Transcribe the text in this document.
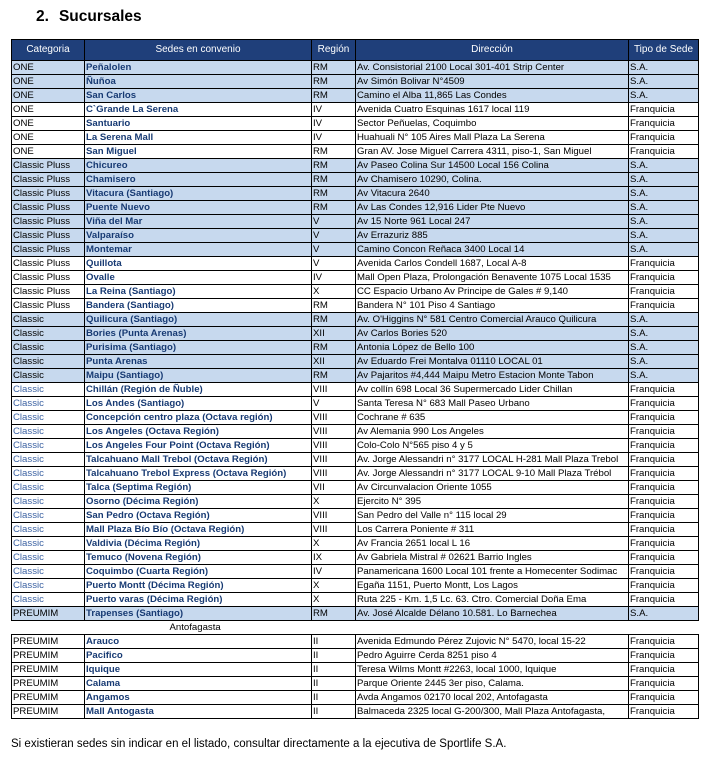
2. Sucursales
Categoria	Sedes en convenio	Región	Dirección	Tipo de Sede
ONE	Peñalolen	RM	Av. Consistorial 2100 Local 301-401 Strip Center	S.A.
ONE	Ñuñoa	RM	Av Simón Bolivar N°4509	S.A.
ONE	San Carlos	RM	Camino el Alba 11,865 Las Condes	S.A.
ONE	C`Grande La Serena	IV	Avenida Cuatro Esquinas 1617 local 119	Franquicia
ONE	Santuario	IV	Sector Peñuelas, Coquimbo	Franquicia
ONE	La Serena Mall	IV	Huahuali N° 105 Aires Mall Plaza La Serena	Franquicia
ONE	San Miguel	RM	Gran AV. Jose Miguel Carrera 4311, piso-1, San Miguel	Franquicia
Classic Pluss	Chicureo	RM	Av Paseo Colina Sur 14500 Local 156 Colina	S.A.
Classic Pluss	Chamisero	RM	Av Chamisero 10290, Colina.	S.A.
Classic Pluss	Vitacura (Santiago)	RM	Av Vitacura 2640	S.A.
Classic Pluss	Puente Nuevo	RM	Av Las Condes 12,916 Lider Pte Nuevo	S.A.
Classic Pluss	Viña del Mar	V	Av 15 Norte 961 Local 247	S.A.
Classic Pluss	Valparaíso	V	Av Errazuriz 885	S.A.
Classic Pluss	Montemar	V	Camino Concon Reñaca 3400 Local 14	S.A.
Classic Pluss	Quillota	V	Avenida Carlos Condell 1687, Local A-8	Franquicia
Classic Pluss	Ovalle	IV	Mall Open Plaza, Prolongación Benavente 1075 Local 1535	Franquicia
Classic Pluss	La Reina (Santiago)	X	CC Espacio Urbano Av Principe de Gales # 9,140	Franquicia
Classic Pluss	Bandera (Santiago)	RM	Bandera N° 101 Piso 4 Santiago	Franquicia
Classic	Quilicura (Santiago)	RM	Av. O'Higgins N° 581 Centro Comercial Arauco Quilicura	S.A.
Classic	Bories (Punta Arenas)	XII	Av Carlos Bories 520	S.A.
Classic	Purisima (Santiago)	RM	Antonia López de Bello 100	S.A.
Classic	Punta Arenas	XII	Av Eduardo Frei Montalva 01110 LOCAL 01	S.A.
Classic	Maipu (Santiago)	RM	Av Pajaritos #4,444 Maipu Metro Estacion Monte Tabon	S.A.
Classic	Chillán (Región de Ñuble)	VIII	Av collín 698 Local 36 Supermercado Lider Chillan	Franquicia
Classic	Los Andes (Santiago)	V	Santa Teresa N° 683 Mall Paseo Urbano	Franquicia
Classic	Concepción centro plaza (Octava región)	VIII	Cochrane # 635	Franquicia
Classic	Los Angeles (Octava Región)	VIII	Av Alemania 990 Los Angeles	Franquicia
Classic	Los Angeles Four Point (Octava Región)	VIII	Colo-Colo N°565 piso 4 y 5	Franquicia
Classic	Talcahuano Mall Trebol (Octava Región)	VIII	Av. Jorge Alessandri n° 3177 LOCAL H-281 Mall Plaza Trebol	Franquicia
Classic	Talcahuano Trebol Express (Octava Región)	VIII	Av. Jorge Alessandri n° 3177 LOCAL 9-10 Mall Plaza Trébol	Franquicia
Classic	Talca (Septima Región)	VII	Av Circunvalacion Oriente 1055	Franquicia
Classic	Osorno (Décima Región)	X	Ejercito N° 395	Franquicia
Classic	San Pedro (Octava Región)	VIII	San Pedro del Valle n° 115 local 29	Franquicia
Classic	Mall Plaza Bío Bío (Octava Región)	VIII	Los Carrera Poniente # 311	Franquicia
Classic	Valdivia (Décima Región)	X	Av Francia 2651 local L 16	Franquicia
Classic	Temuco (Novena Región)	IX	Av Gabriela Mistral # 02621 Barrio Ingles	Franquicia
Classic	Coquimbo (Cuarta Región)	IV	Panamericana 1600 Local 101 frente a Homecenter Sodimac	Franquicia
Classic	Puerto Montt (Décima Región)	X	Egaña 1151, Puerto Montt, Los Lagos	Franquicia
Classic	Puerto varas (Décima Región)	X	Ruta 225 - Km. 1,5 Lc. 63. Ctro. Comercial Doña Ema	Franquicia
PREUMIM	Trapenses (Santiago)	RM	Av. José Alcalde Délano 10.581. Lo Barnechea	S.A.
	Antofagasta			
PREUMIM	Arauco	II	Avenida Edmundo Pérez Zujovic N° 5470, local 15-22	Franquicia
PREUMIM	Pacifico	II	Pedro Aguirre Cerda 8251 piso 4	Franquicia
PREUMIM	Iquique	II	Teresa Wilms Montt #2263, local 1000, Iquique	Franquicia
PREUMIM	Calama	II	Parque Oriente 2445 3er piso, Calama.	Franquicia
PREUMIM	Angamos	II	Avda Angamos 02170 local 202, Antofagasta	Franquicia
PREUMIM	Mall Antogasta	II	Balmaceda 2325 local G-200/300, Mall Plaza Antofagasta,	Franquicia
Si existieran sedes sin indicar en el listado, consultar directamente a la ejecutiva de Sportlife S.A.
